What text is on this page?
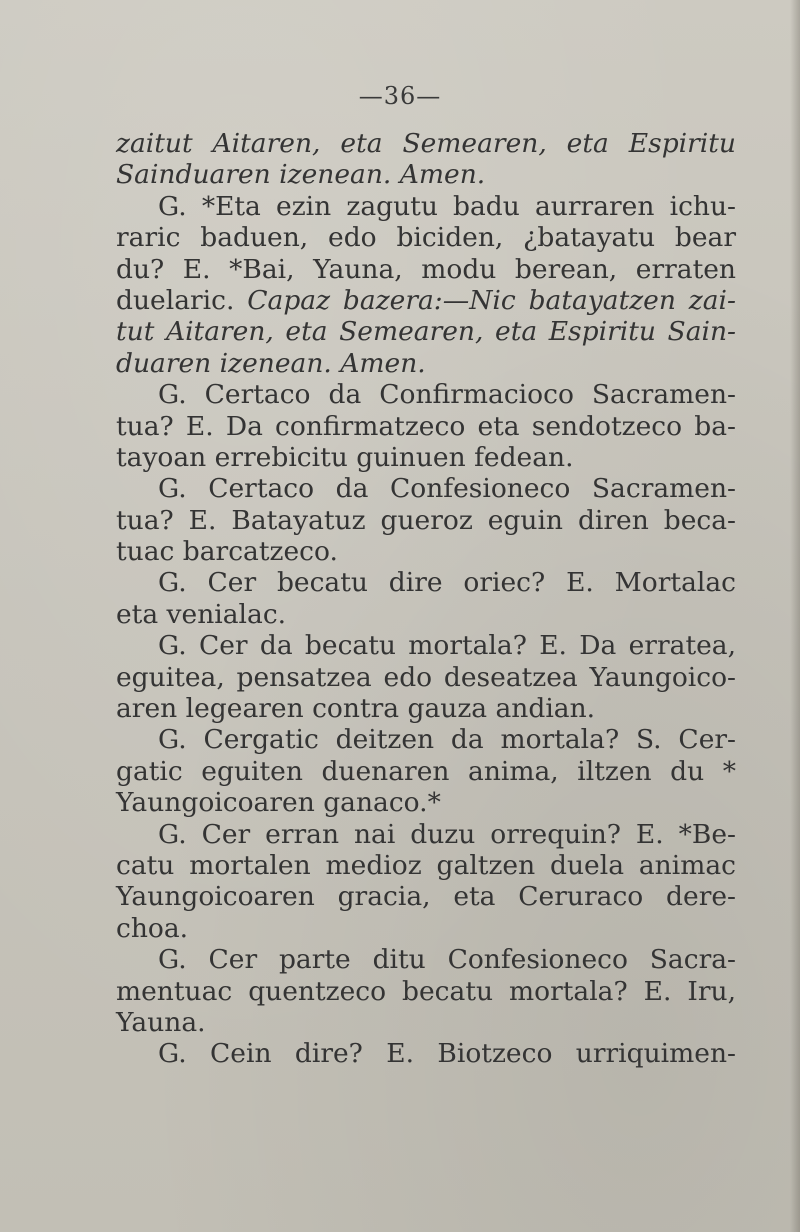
—36—
zaitut Aitaren, eta Semearen, eta Espiritu
Sainduaren izenean. Amen.
G. *Eta ezin zagutu badu aurraren ichu-
raric baduen, edo biciden, ¿batayatu bear
du? E. *Bai, Yauna, modu berean, erraten
duelaric. Capaz bazera:—Nic batayatzen zai-
tut Aitaren, eta Semearen, eta Espiritu Sain-
duaren izenean. Amen.
G. Certaco da Confirmacioco Sacramen-
tua? E. Da confirmatzeco eta sendotzeco ba-
tayoan errebicitu guinuen fedean.
G. Certaco da Confesioneco Sacramen-
tua? E. Batayatuz gueroz eguin diren beca-
tuac barcatzeco.
G. Cer becatu dire oriec? E. Mortalac
eta venialac.
G. Cer da becatu mortala? E. Da erratea,
eguitea, pensatzea edo deseatzea Yaungoico-
aren legearen contra gauza andian.
G. Cergatic deitzen da mortala? S. Cer-
gatic eguiten duenaren anima, iltzen du *
Yaungoicoaren ganaco.*
G. Cer erran nai duzu orrequin? E. *Be-
catu mortalen medioz galtzen duela animac
Yaungoicoaren gracia, eta Ceruraco dere-
choa.
G. Cer parte ditu Confesioneco Sacra-
mentuac quentzeco becatu mortala? E. Iru,
Yauna.
G. Cein dire? E. Biotzeco urriquimen-
